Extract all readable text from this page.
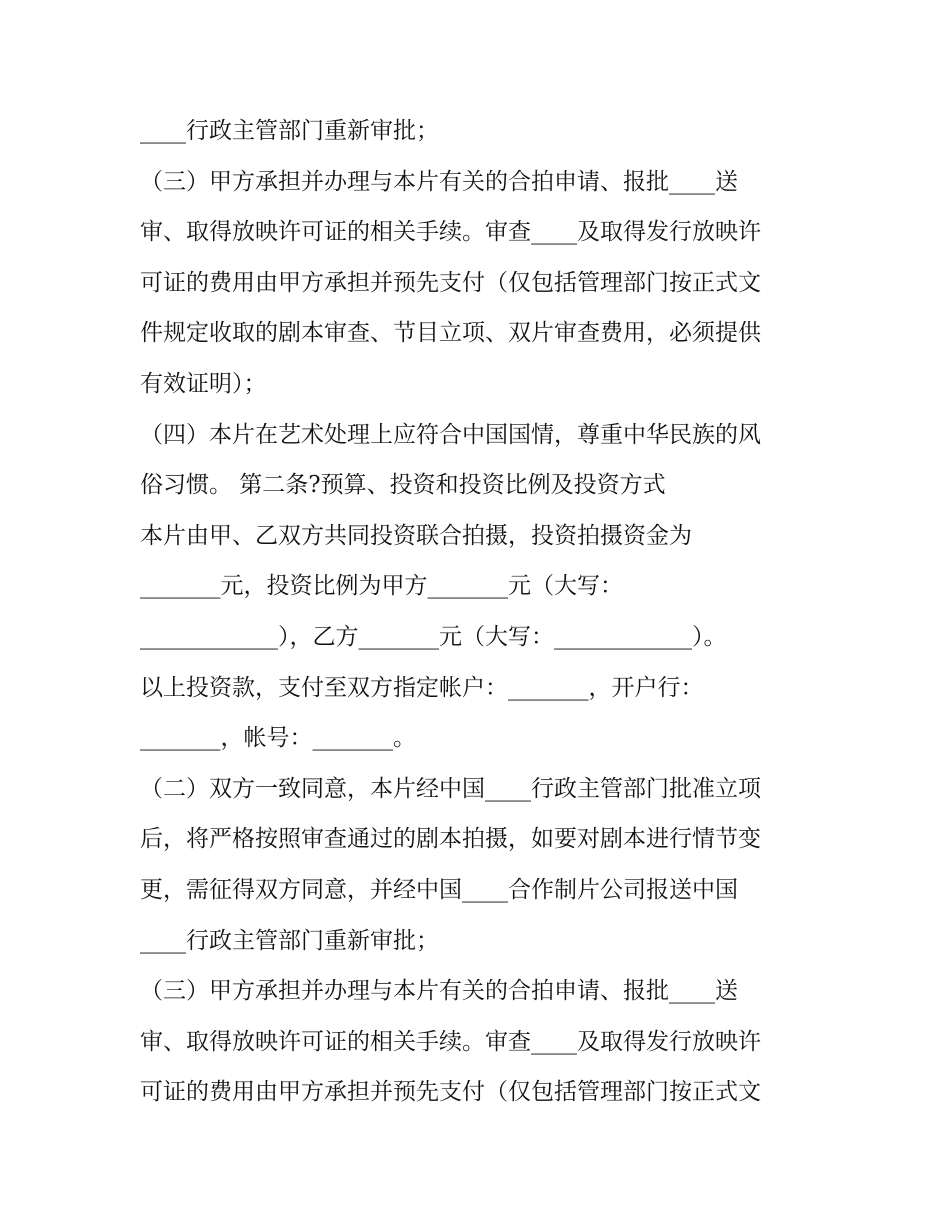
____行政主管部门重新审批；

（三）甲方承担并办理与本片有关的合拍申请、报批____送

审、取得放映许可证的相关手续。审查____及取得发行放映许

可证的费用由甲方承担并预先支付（仅包括管理部门按正式文

件规定收取的剧本审查、节目立项、双片审查费用，必须提供

有效证明）；

（四）本片在艺术处理上应符合中国国情，尊重中华民族的风

俗习惯。 第二条?预算、投资和投资比例及投资方式

本片由甲、乙双方共同投资联合拍摄，投资拍摄资金为

_______元，投资比例为甲方_______元（大写：

____________），乙方_______元（大写：____________）。

以上投资款，支付至双方指定帐户：_______，开户行：

_______，帐号：_______。

（二）双方一致同意，本片经中国____行政主管部门批准立项

后，将严格按照审查通过的剧本拍摄，如要对剧本进行情节变

更，需征得双方同意，并经中国____合作制片公司报送中国

____行政主管部门重新审批；

（三）甲方承担并办理与本片有关的合拍申请、报批____送

审、取得放映许可证的相关手续。审查____及取得发行放映许

可证的费用由甲方承担并预先支付（仅包括管理部门按正式文
